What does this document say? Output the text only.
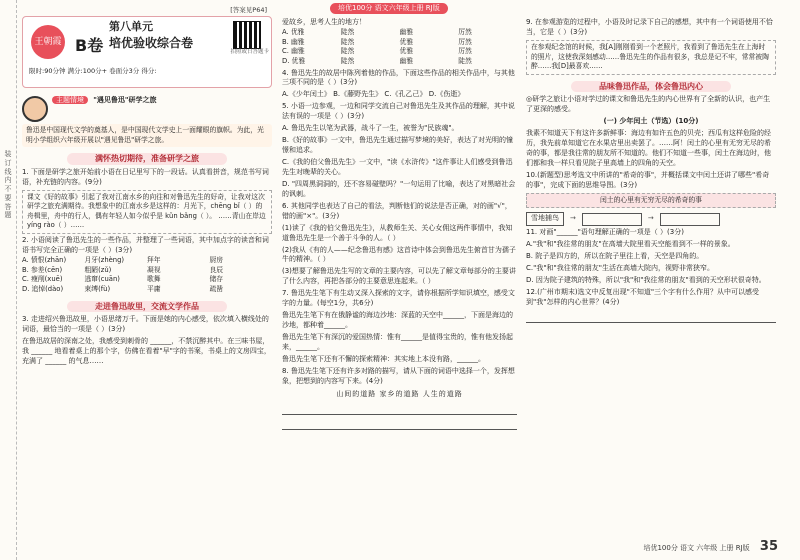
装订线内不要答题
培优100分 语文六年级上册 RJ版
[答案见P64]
王朝霞 B卷
第八单元
培优验收综合卷
拍照或日答题卡
限时:90分钟 满分:100分+ 卷面分3分 得分:
主题情境 "遇见鲁迅"研学之旅
鲁迅是中国现代文学的奠基人，是中国现代文学史上一面耀眼的旗帜。为此，光明小学组织六年级开展以"遇见鲁迅"研学之旅。
满怀热切期待，准备研学之旅
1. 下面是研学之旅开始前小语在日记里写下的一段话。认真看拼音，规范书写词语，补充链的内容。(9分)
课文《好的故事》引起了我对江南水乡的向往和对鲁迅先生的好奇，让我对这次研学之旅充满期待。我想象中的江南水乡是这样的：月光下，chēng bǐ（ ）的舟楫里，舟中的行人，偶有年轻人如今似乎是 kǔn bǎng（ ）。 ……青山在岸边 yíng rào（ ）……
2. 小语阅读了鲁迅先生的一些作品，并整理了一些词语，其中加点字的读音和词语书写完全正确的一项是（ ）(3分)
A. 愤恨(zhān)	月牙(zhèng)	拜年	厨房
B. 参差(cēn)	粗陋(zǔ)	凝视	良辰
C. 瘦削(xuē)	逃窜(cuān)	歌舞	储存
D. 追悼(dào)	束缚(fù)	平庸	疏凿
走进鲁迅故里，交流文学作品
3. 走进绍兴鲁迅故里，小语思绪万千。下面是她的内心感受，依次填入横线处的词语，最恰当的一项是（ ）(3分)
在鲁迅故居的深南之处，我感受到刺骨的 ______，不禁沉醉其中。在三味书屋，我 ______ 地看着桌上的那个字，仿佛在看着"早"字的书案，书桌上的文房四宝，充满了 ______ 的气息……
爱故乡，思考人生的地方！
A. 优雅	陡然	幽雅	厉然
B. 幽雅	陡然	优雅	厉然
C. 幽雅	陡然	优雅	厉然
D. 优雅	陡然	幽雅	陡然
4. 鲁迅先生的故居中陈列着他的作品，下面这些作品的相关作品中，与其他三项不同的是（ ）(3分)
A.《少年闰土》 B.《藤野先生》 C.《孔乙己》 D.《伤逝》
5. 小语一边参观，一边和同学交流自己对鲁迅先生及其作品的理解，其中说法有误的一项是（ ）(3分)
A. 鲁迅先生以笔为武器，战斗了一生，被誉为"民族魂"。
B.《好的故事》一文中，鲁迅先生通过描写梦境的美好，表达了对光明的憧憬和追求。
C.《我的伯父鲁迅先生》一文中，"读《水浒传》"这件事让人们感受到鲁迅先生对晚辈的关心。
D. "四周黑洞洞的，还不容易碰壁吗？"一句运用了比喻，表达了对黑暗社会的讽刺。
6. 其他同学也表达了自己的看法，判断他们的说法是否正确，对的画"√"，错的画"×"。(3分)
(1)读了《我的伯父鲁迅先生》，从教师生关、关心女佣这两件事情中，我知道鲁迅先生是一个善于斗争的人。（ ）
(2)我从《有的人——纪念鲁迅有感》这首诗中体会到鲁迅先生俯首甘为孺子牛的精神。（ ）
(3)想要了解鲁迅先生写的文章的主要内容，可以先了解文章每部分的主要讲了什么内容，再把各部分的主要意思连起来。（ ）
7. 鲁迅先生笔下有生动又深入探索的文字，请你根据所学知识填空，感受文字的力量。(每空1分，共6分)
鲁迅先生笔下有在俄静谧的海边沙地：深蓝的天空中______，下面是海边的沙地，都种着______。
鲁迅先生笔下有深沉的爱国热情：惟有______是值得宝贵的，惟有他发扬起来，______。
鲁迅先生笔下还有不懈的探索精神：其实地上本没有路，______。
8. 鲁迅先生笔下还有许多对路的描写，请从下面的词语中选择一个，发挥想象，把想到的内容写下来。(4分)
山间的道路 家乡的道路 人生的道路
9. 在参观游览的过程中，小语及时记录下自己的感想，其中有一个词语使用不恰当，它是（ ）(3分)
在参观纪念馆的时候，我[A]刚刚看到一个老照片，我看到了鲁迅先生在上海时的照片，这使我深刻感动……鲁迅先生的作品有很多，我总是记不牢，常常被陶醉……我[D]最喜欢……
品味鲁迅作品，体会鲁迅内心
◎研学之旅让小语对学过的课文和鲁迅先生的内心世界有了全新的认识，也产生了更深的感受。
(一) 少年闰土（节选）(10分)
我素不知道天下有这许多新鲜事：海边有如许五色的贝壳；西瓜有这样危险的经历，我先前单知道它在水果店里出卖罢了。……阿！闰土的心里有无穷无尽的希奇的事，都是我往常的朋友所不知道的。他们不知道一些事，闰土在海边时，他们都和我一样只看见院子里高墙上的四角的天空。
10.(新题型)思考选文中所讲的"希奇的事"，并概括课文中闰土还讲了哪些"希奇的事"，完成下面的思维导图。(3分)
闰土的心里有无穷无尽的希奇的事
雪地捕鸟	→	→
11. 对画"______"语句理解正确的一项是（ ）(3分)
A."我"和"我往常的朋友"在高墙大院里看天空能看到不一样的景象。
B. 院子是四方的，所以在院子里往上看，天空是四角的。
C."我"和"我往常的朋友"生活在高墙大院内，视野非常狭窄。
D. 因为院子建筑的特殊，所以"我"和"我往常的朋友"看到的天空形状很奇特。
12.(广州市期末)选文中反复出现"不知道"三个字有什么作用？从中可以感受到"我"怎样的内心世界？(4分)
培优100分 语文 六年级 上册 RJ版 35
